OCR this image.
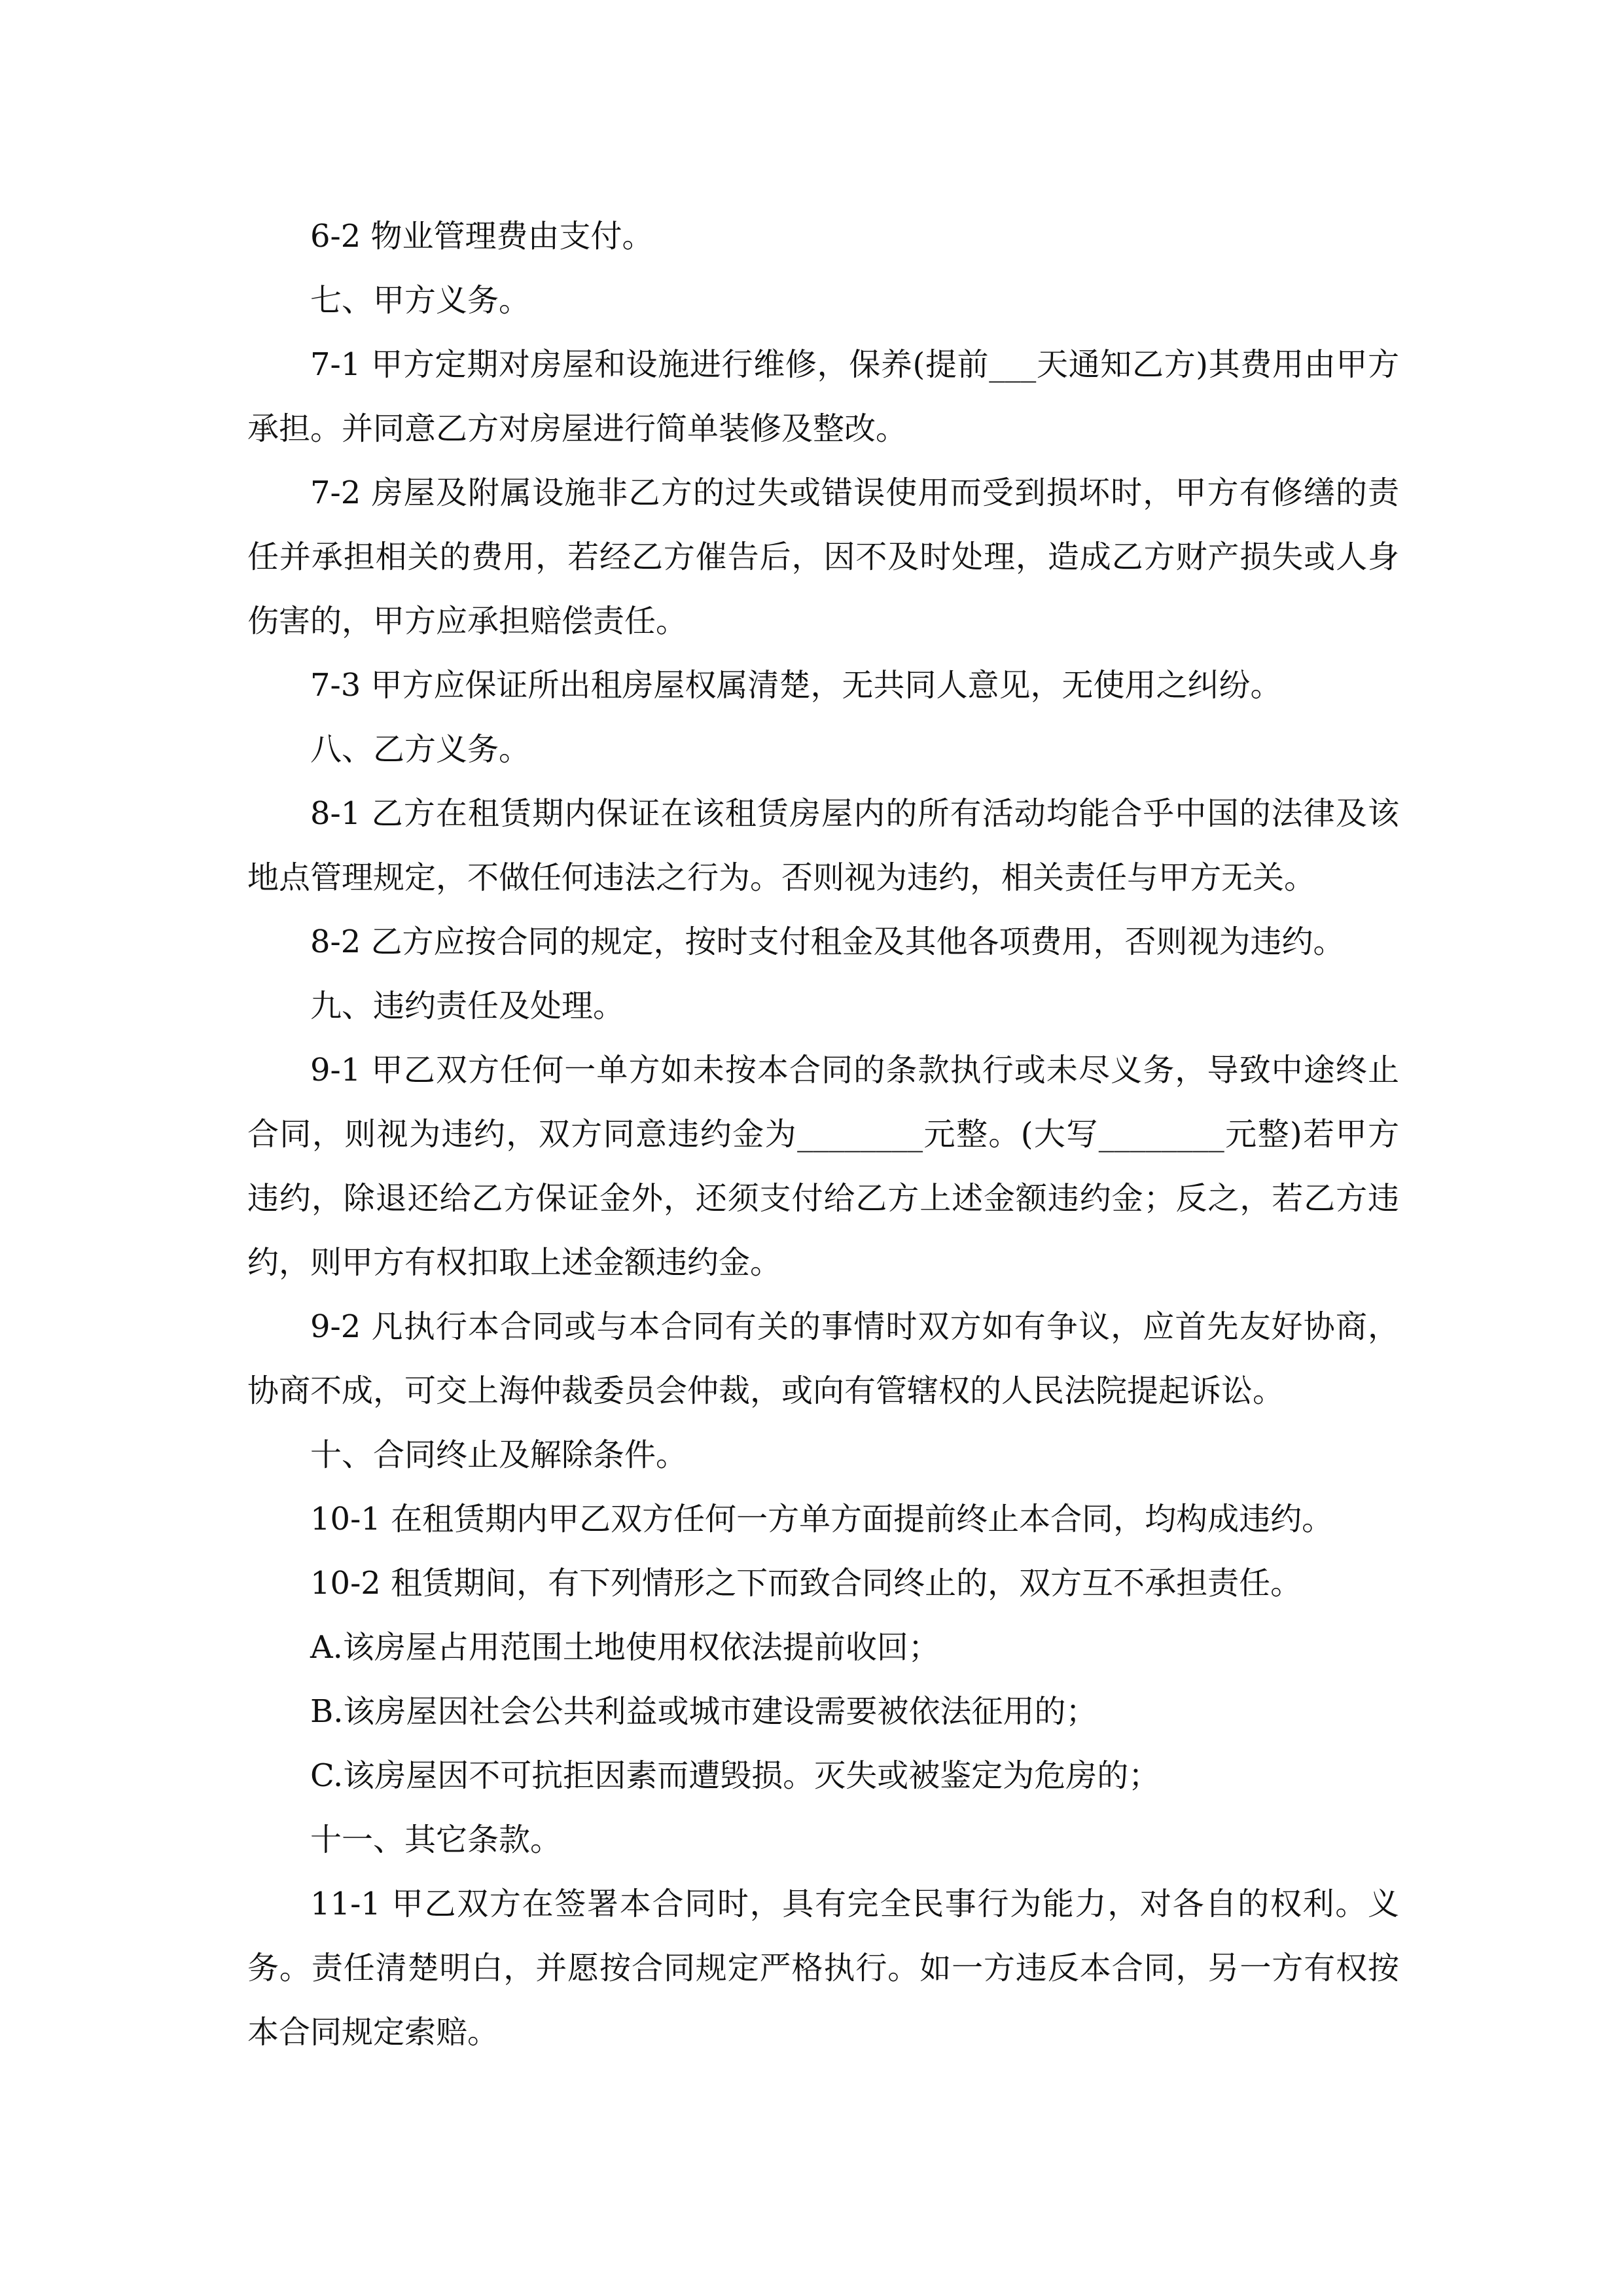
6-2 物业管理费由支付。

七、甲方义务。

7-1 甲方定期对房屋和设施进行维修，保养(提前___天通知乙方)其费用由甲方承担。并同意乙方对房屋进行简单装修及整改。

7-2 房屋及附属设施非乙方的过失或错误使用而受到损坏时，甲方有修缮的责任并承担相关的费用，若经乙方催告后，因不及时处理，造成乙方财产损失或人身伤害的，甲方应承担赔偿责任。

7-3 甲方应保证所出租房屋权属清楚，无共同人意见，无使用之纠纷。

八、乙方义务。

8-1 乙方在租赁期内保证在该租赁房屋内的所有活动均能合乎中国的法律及该地点管理规定，不做任何违法之行为。否则视为违约，相关责任与甲方无关。

8-2 乙方应按合同的规定，按时支付租金及其他各项费用，否则视为违约。

九、违约责任及处理。

9-1 甲乙双方任何一单方如未按本合同的条款执行或未尽义务，导致中途终止合同，则视为违约，双方同意违约金为________元整。(大写________元整)若甲方违约，除退还给乙方保证金外，还须支付给乙方上述金额违约金；反之，若乙方违约，则甲方有权扣取上述金额违约金。

9-2 凡执行本合同或与本合同有关的事情时双方如有争议，应首先友好协商，协商不成，可交上海仲裁委员会仲裁，或向有管辖权的人民法院提起诉讼。

十、合同终止及解除条件。

10-1 在租赁期内甲乙双方任何一方单方面提前终止本合同，均构成违约。

10-2 租赁期间，有下列情形之下而致合同终止的，双方互不承担责任。

A.该房屋占用范围土地使用权依法提前收回；

B.该房屋因社会公共利益或城市建设需要被依法征用的；

C.该房屋因不可抗拒因素而遭毁损。灭失或被鉴定为危房的；

十一、其它条款。

11-1 甲乙双方在签署本合同时，具有完全民事行为能力，对各自的权利。义务。责任清楚明白，并愿按合同规定严格执行。如一方违反本合同，另一方有权按本合同规定索赔。
